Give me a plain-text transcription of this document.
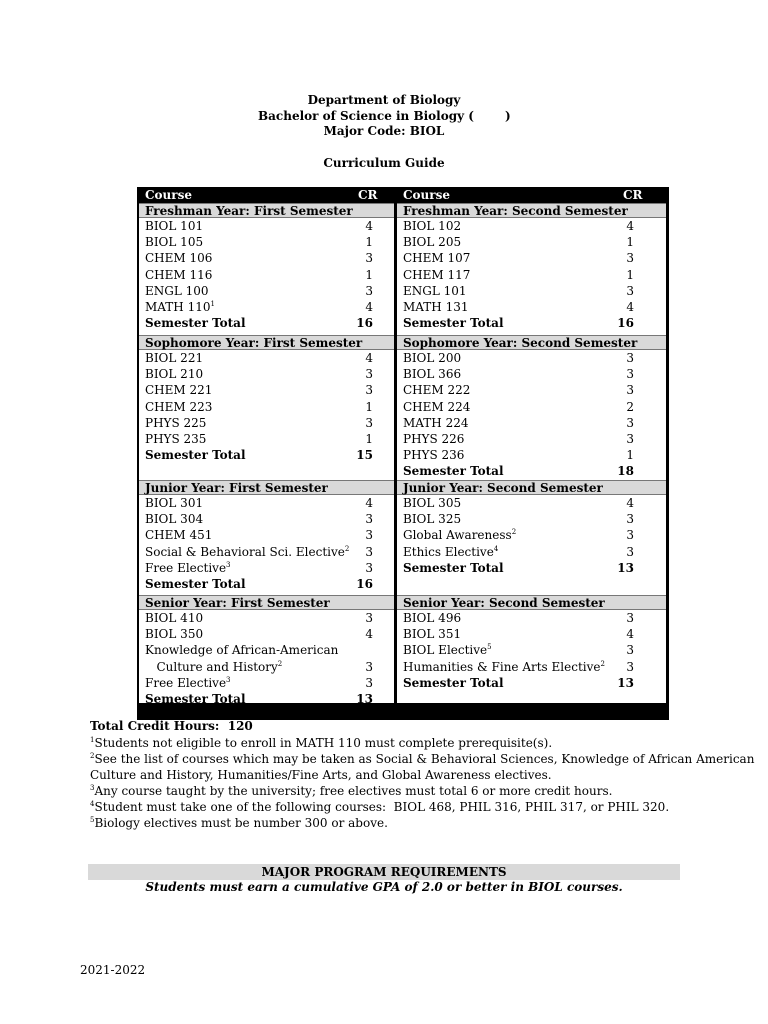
Department of Biology
Bachelor of Science in Biology (	)
Major Code: BIOL
Curriculum Guide
Course	CR
Freshman Year: First Semester
BIOL 101	4
BIOL 105	1
CHEM 106	3
CHEM 116	1
ENGL 100	3
MATH $110^1$	4
Semester Total	16
Sophomore Year: First Semester
BIOL 221	4
BIOL 210	3
CHEM 221	3
CHEM 223	1
PHYS 225	3
PHYS 235	1
Semester Total	15
Junior Year: First Semester
BIOL 301	4
BIOL 304	3
CHEM 451	3
Social & Behavioral Sci. Elective$^2$	3
Free Elective$^3$	3
Semester Total	16
Senior Year: First Semester
BIOL 410	3
BIOL 350	4
Knowledge of African-American
Culture and History$^2$	3
Free Elective$^3$	3
Semester Total	13
Course	CR
Freshman Year: Second Semester
BIOL 102	4
BIOL 205	1
CHEM 107	3
CHEM 117	1
ENGL 101	3
MATH 131	4
Semester Total	16
Sophomore Year: Second Semester
BIOL 200	3
BIOL 366	3
CHEM 222	3
CHEM 224	2
MATH 224	3
PHYS 226	3
PHYS 236	1
Semester Total	18
Junior Year: Second Semester
BIOL 305	4
BIOL 325	3
Global Awareness$^2$	3
Ethics Elective$^4$	3
Semester Total	13
Senior Year: Second Semester
BIOL 496	3
BIOL 351	4
BIOL Elective$^5$	3
Humanities & Fine Arts Elective$^2$	3
Semester Total	13
Total Credit Hours:  120
$^1$Students not eligible to enroll in MATH 110 must complete prerequisite(s).
$^2$See the list of courses which may be taken as Social & Behavioral Sciences, Knowledge of African American
Culture and History, Humanities/Fine Arts, and Global Awareness electives.
$^3$Any course taught by the university; free electives must total 6 or more credit hours.
$^4$Student must take one of the following courses:  BIOL 468, PHIL 316, PHIL 317, or PHIL 320.
$^5$Biology electives must be number 300 or above.
MAJOR PROGRAM REQUIREMENTS
Students must earn a cumulative GPA of 2.0 or better in BIOL courses.
2021-2022
